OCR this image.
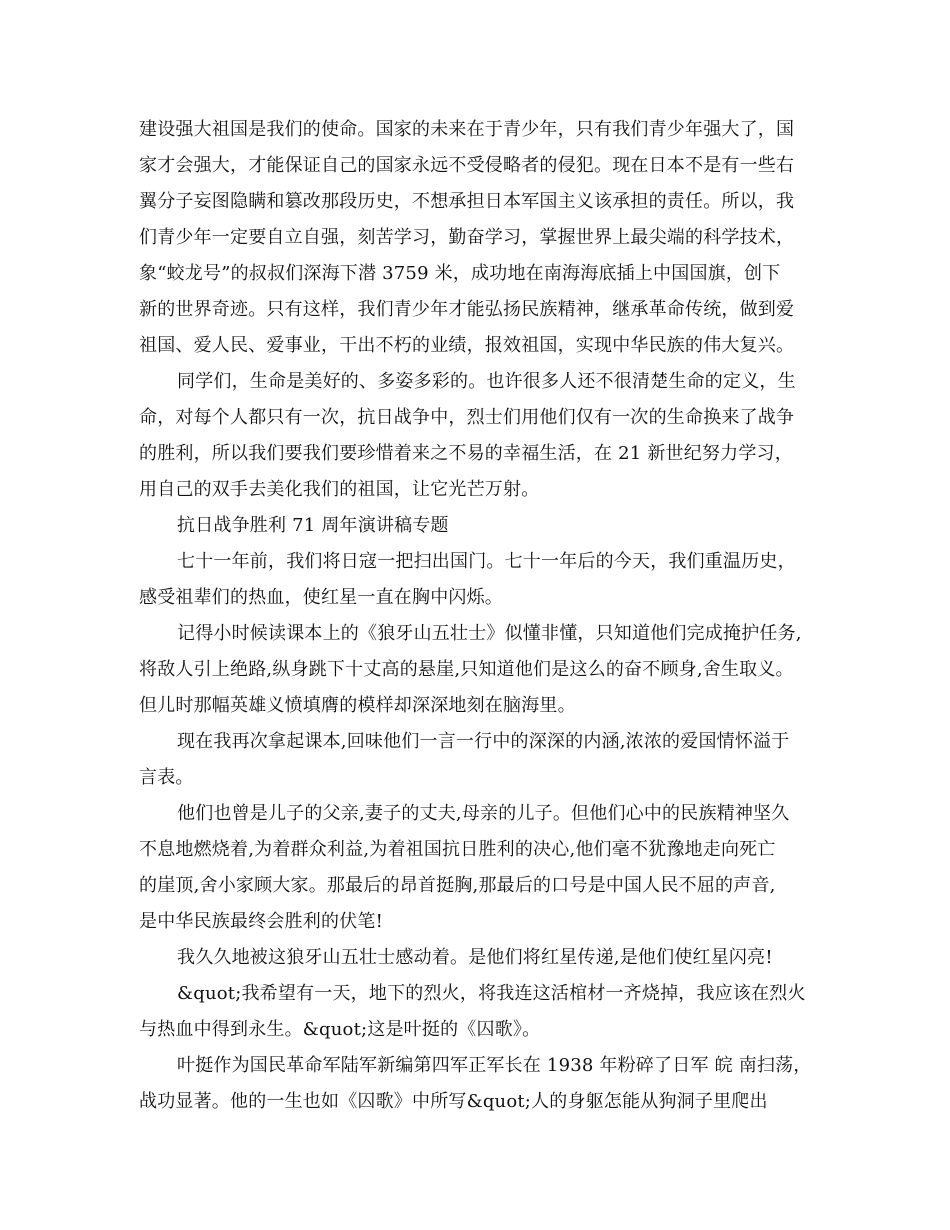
建设强大祖国是我们的使命。国家的未来在于青少年，只有我们青少年强大了，国
家才会强大，才能保证自己的国家永远不受侵略者的侵犯。现在日本不是有一些右
翼分子妄图隐瞒和篡改那段历史，不想承担日本军国主义该承担的责任。所以，我
们青少年一定要自立自强，刻苦学习，勤奋学习，掌握世界上最尖端的科学技术，
象“蛟龙号”的叔叔们深海下潜 3759 米，成功地在南海海底插上中国国旗，创下
新的世界奇迹。只有这样，我们青少年才能弘扬民族精神，继承革命传统，做到爱
祖国、爱人民、爱事业，干出不朽的业绩，报效祖国，实现中华民族的伟大复兴。
同学们，生命是美好的、多姿多彩的。也许很多人还不很清楚生命的定义，生
命，对每个人都只有一次，抗日战争中，烈士们用他们仅有一次的生命换来了战争
的胜利，所以我们要我们要珍惜着来之不易的幸福生活，在 21 新世纪努力学习，
用自己的双手去美化我们的祖国，让它光芒万射。
抗日战争胜利 71 周年演讲稿专题
七十一年前，我们将日寇一把扫出国门。七十一年后的今天，我们重温历史，
感受祖辈们的热血，使红星一直在胸中闪烁。
记得小时候读课本上的《狼牙山五壮士》似懂非懂，只知道他们完成掩护任务,
将敌人引上绝路,纵身跳下十丈高的悬崖,只知道他们是这么的奋不顾身,舍生取义。
但儿时那幅英雄义愤填膺的模样却深深地刻在脑海里。
现在我再次拿起课本,回味他们一言一行中的深深的内涵,浓浓的爱国情怀溢于
言表。
他们也曾是儿子的父亲,妻子的丈夫,母亲的儿子。但他们心中的民族精神坚久
不息地燃烧着,为着群众利益,为着祖国抗日胜利的决心,他们毫不犹豫地走向死亡
的崖顶,舍小家顾大家。那最后的昂首挺胸,那最后的口号是中国人民不屈的声音,
是中华民族最终会胜利的伏笔!
我久久地被这狼牙山五壮士感动着。是他们将红星传递,是他们使红星闪亮!
&quot;我希望有一天，地下的烈火，将我连这活棺材一齐烧掉，我应该在烈火
与热血中得到永生。&quot;这是叶挺的《囚歌》。
叶挺作为国民革命军陆军新编第四军正军长在 1938 年粉碎了日军 皖 南扫荡，
战功显著。他的一生也如《囚歌》中所写&quot;人的身躯怎能从狗洞子里爬出
